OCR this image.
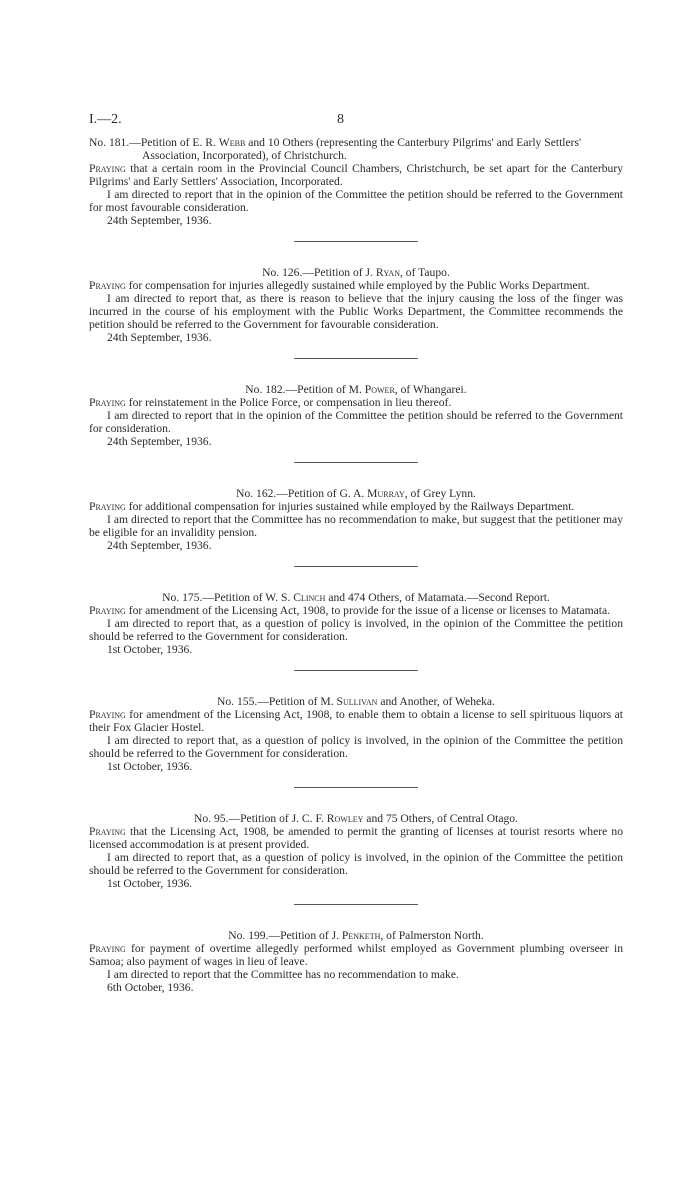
I.—2.	8

No. 181.—Petition of E. R. Webb and 10 Others (representing the Canterbury Pilgrims' and Early Settlers' Association, Incorporated), of Christchurch.

Praying that a certain room in the Provincial Council Chambers, Christchurch, be set apart for the Canterbury Pilgrims' and Early Settlers' Association, Incorporated.

I am directed to report that in the opinion of the Committee the petition should be referred to the Government for most favourable consideration.

24th September, 1936.

No. 126.—Petition of J. Ryan, of Taupo.

Praying for compensation for injuries allegedly sustained while employed by the Public Works Department.

I am directed to report that, as there is reason to believe that the injury causing the loss of the finger was incurred in the course of his employment with the Public Works Department, the Committee recommends the petition should be referred to the Government for favourable consideration.

24th September, 1936.

No. 182.—Petition of M. Power, of Whangarei.

Praying for reinstatement in the Police Force, or compensation in lieu thereof.

I am directed to report that in the opinion of the Committee the petition should be referred to the Government for consideration.

24th September, 1936.

No. 162.—Petition of G. A. Murray, of Grey Lynn.

Praying for additional compensation for injuries sustained while employed by the Railways Department.

I am directed to report that the Committee has no recommendation to make, but suggest that the petitioner may be eligible for an invalidity pension.

24th September, 1936.

No. 175.—Petition of W. S. Clinch and 474 Others, of Matamata.—Second Report.

Praying for amendment of the Licensing Act, 1908, to provide for the issue of a license or licenses to Matamata.

I am directed to report that, as a question of policy is involved, in the opinion of the Committee the petition should be referred to the Government for consideration.

1st October, 1936.

No. 155.—Petition of M. Sullivan and Another, of Weheka.

Praying for amendment of the Licensing Act, 1908, to enable them to obtain a license to sell spirituous liquors at their Fox Glacier Hostel.

I am directed to report that, as a question of policy is involved, in the opinion of the Committee the petition should be referred to the Government for consideration.

1st October, 1936.

No. 95.—Petition of J. C. F. Rowley and 75 Others, of Central Otago.

Praying that the Licensing Act, 1908, be amended to permit the granting of licenses at tourist resorts where no licensed accommodation is at present provided.

I am directed to report that, as a question of policy is involved, in the opinion of the Committee the petition should be referred to the Government for consideration.

1st October, 1936.

No. 199.—Petition of J. Penketh, of Palmerston North.

Praying for payment of overtime allegedly performed whilst employed as Government plumbing overseer in Samoa; also payment of wages in lieu of leave.

I am directed to report that the Committee has no recommendation to make.

6th October, 1936.
